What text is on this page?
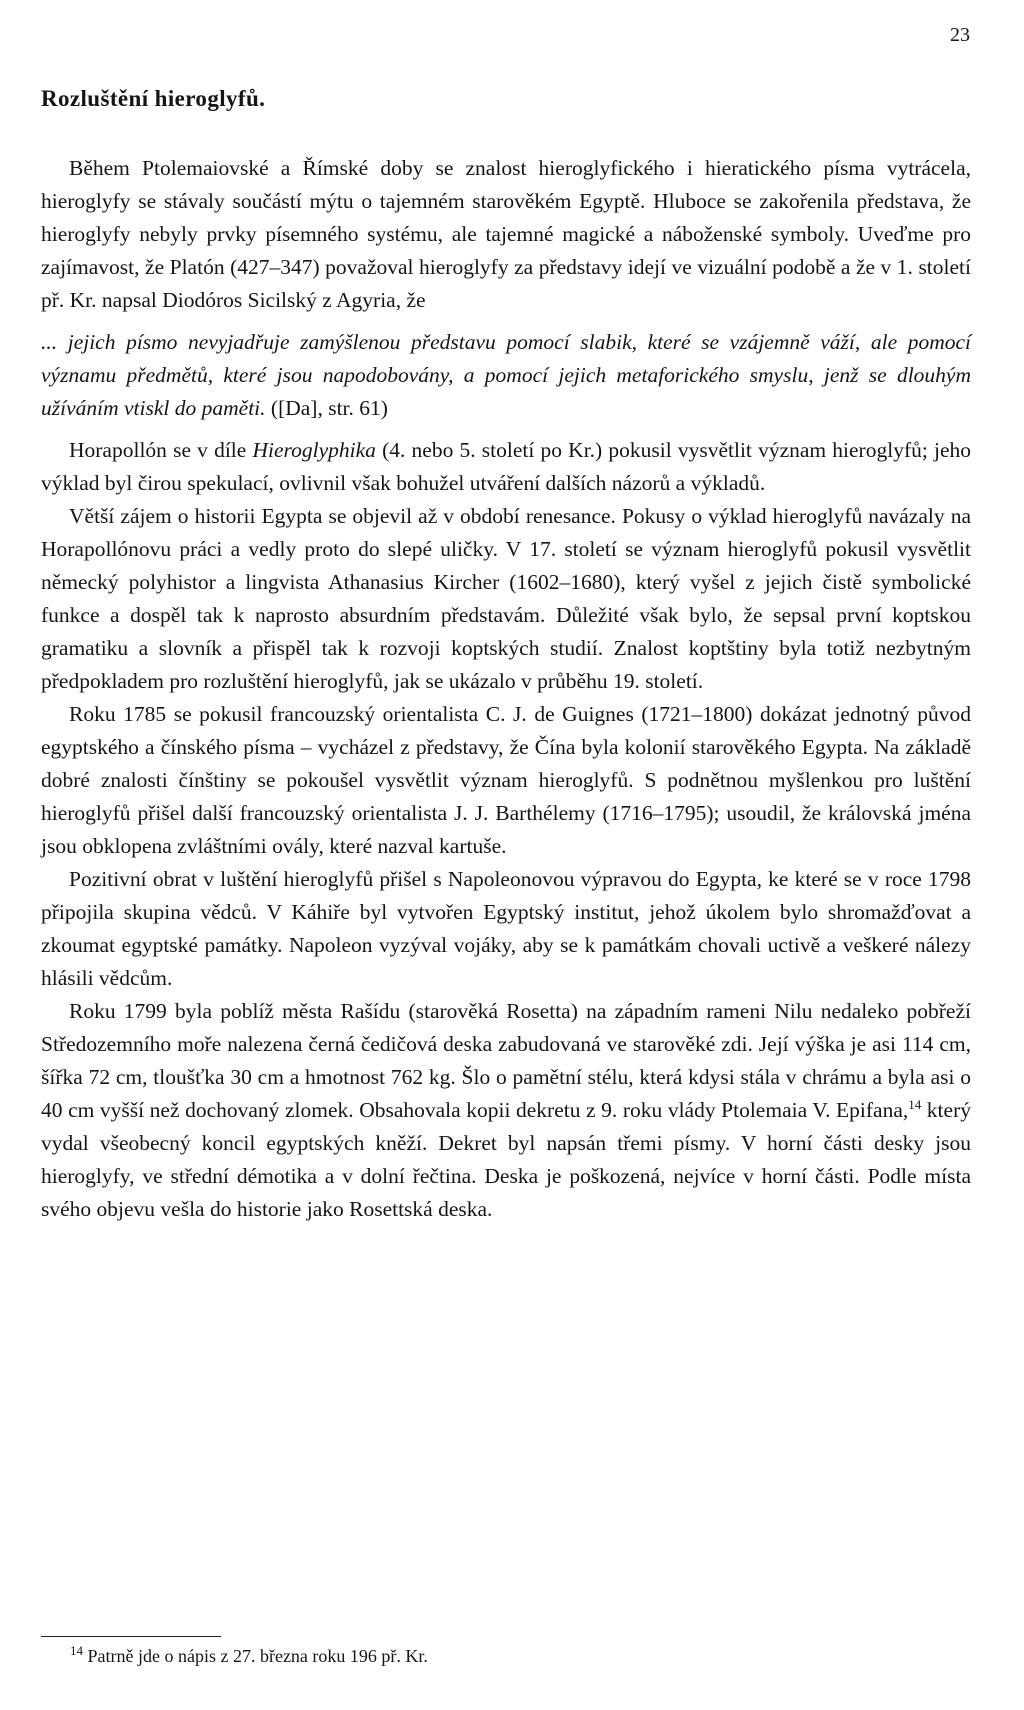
23
Rozluštění hieroglyfů.

Během Ptolemaiovské a Římské doby se znalost hieroglyfického i hieratického písma vytrácela, hieroglyfy se stávaly součástí mýtu o tajemném starověkém Egyptě. Hluboce se zakořenila představa, že hieroglyfy nebyly prvky písemného systému, ale tajemné magické a náboženské symboly. Uveďme pro zajímavost, že Platón (427–347) považoval hieroglyfy za představy idejí ve vizuální podobě a že v 1. století př. Kr. napsal Diodóros Sicilský z Agyria, že

... jejich písmo nevyjadřuje zamýšlenou představu pomocí slabik, které se vzájemně váží, ale pomocí významu předmětů, které jsou napodobovány, a pomocí jejich metaforického smyslu, jenž se dlouhým užíváním vtiskl do paměti. ([Da], str. 61)

Horapollón se v díle Hieroglyphika (4. nebo 5. století po Kr.) pokusil vysvětlit význam hieroglyfů; jeho výklad byl čirou spekulací, ovlivnil však bohužel utváření dalších názorů a výkladů.

Větší zájem o historii Egypta se objevil až v období renesance. Pokusy o výklad hieroglyfů navázaly na Horapollónovu práci a vedly proto do slepé uličky. V 17. století se význam hieroglyfů pokusil vysvětlit německý polyhistor a lingvista Athanasius Kircher (1602–1680), který vyšel z jejich čistě symbolické funkce a dospěl tak k naprosto absurdním představám. Důležité však bylo, že sepsal první koptskou gramatiku a slovník a přispěl tak k rozvoji koptských studií. Znalost koptštiny byla totiž nezbytným předpokladem pro rozluštění hieroglyfů, jak se ukázalo v průběhu 19. století.

Roku 1785 se pokusil francouzský orientalista C. J. de Guignes (1721–1800) dokázat jednotný původ egyptského a čínského písma – vycházel z představy, že Čína byla kolonií starověkého Egypta. Na základě dobré znalosti čínštiny se pokoušel vysvětlit význam hieroglyfů. S podnětnou myšlenkou pro luštění hieroglyfů přišel další francouzský orientalista J. J. Barthélemy (1716–1795); usoudil, že královská jména jsou obklopena zvláštními ovály, které nazval kartuše.

Pozitivní obrat v luštění hieroglyfů přišel s Napoleonovou výpravou do Egypta, ke které se v roce 1798 připojila skupina vědců. V Káhiře byl vytvořen Egyptský institut, jehož úkolem bylo shromažďovat a zkoumat egyptské památky. Napoleon vyzýval vojáky, aby se k památkám chovali uctivě a veškeré nálezy hlásili vědcům.

Roku 1799 byla poblíž města Rašídu (starověká Rosetta) na západním rameni Nilu nedaleko pobřeží Středozemního moře nalezena černá čedičová deska zabudovaná ve starověké zdi. Její výška je asi 114 cm, šířka 72 cm, tloušťka 30 cm a hmotnost 762 kg. Šlo o pamětní stélu, která kdysi stála v chrámu a byla asi o 40 cm vyšší než dochovaný zlomek. Obsahovala kopii dekretu z 9. roku vlády Ptolemaia V. Epifana,$^{14}$ který vydal všeobecný koncil egyptských kněží. Dekret byl napsán třemi písmy. V horní části desky jsou hieroglyfy, ve střední démotika a v dolní řečtina. Deska je poškozená, nejvíce v horní části. Podle místa svého objevu vešla do historie jako Rosettská deska.

$^{14}$ Patrně jde o nápis z 27. března roku 196 př. Kr.
